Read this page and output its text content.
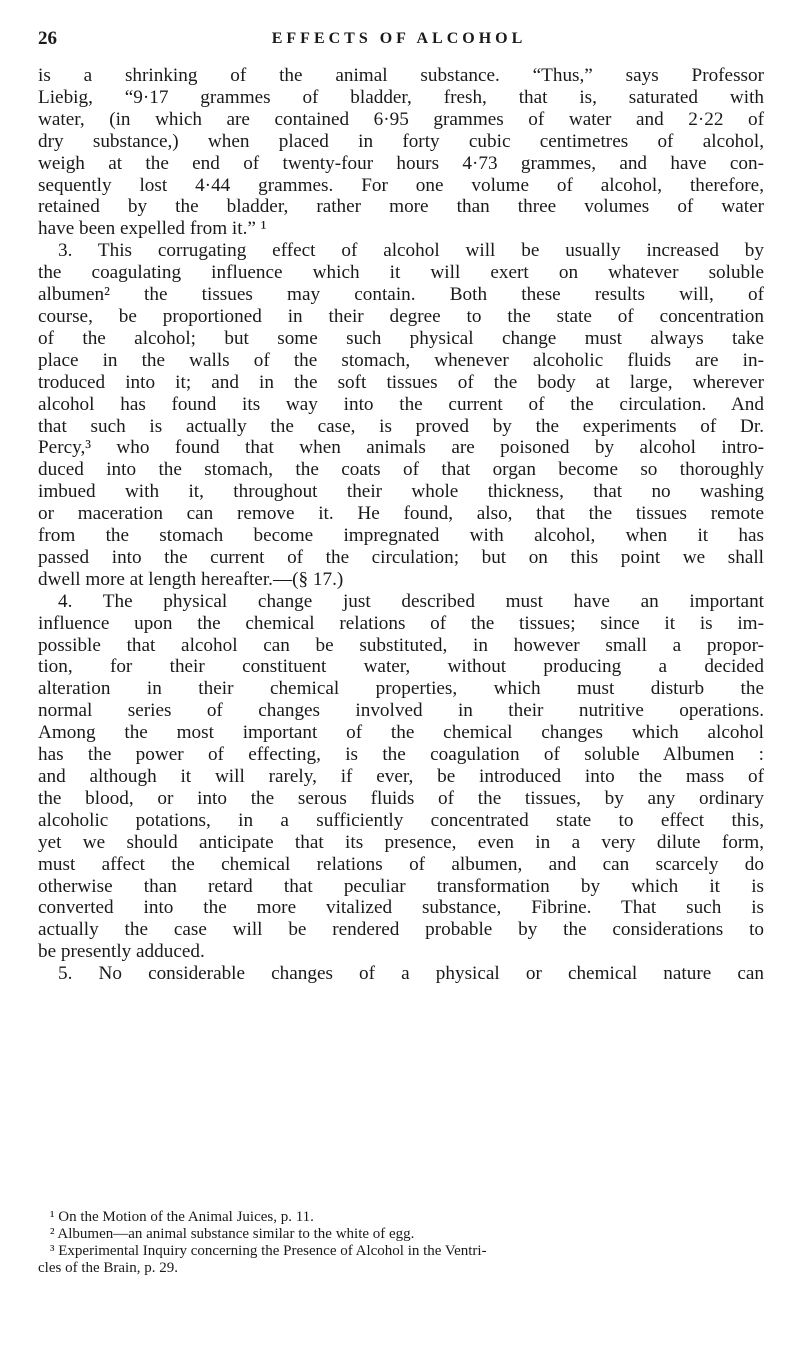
26	EFFECTS OF ALCOHOL
is a shrinking of the animal substance. “Thus,” says Professor
Liebig, “9·17 grammes of bladder, fresh, that is, saturated with
water, (in which are contained 6·95 grammes of water and 2·22 of
dry substance,) when placed in forty cubic centimetres of alcohol,
weigh at the end of twenty-four hours 4·73 grammes, and have con-
sequently lost 4·44 grammes. For one volume of alcohol, therefore,
retained by the bladder, rather more than three volumes of water
have been expelled from it.” ¹
3. This corrugating effect of alcohol will be usually increased by
the coagulating influence which it will exert on whatever soluble
albumen² the tissues may contain. Both these results will, of
course, be proportioned in their degree to the state of concentration
of the alcohol; but some such physical change must always take
place in the walls of the stomach, whenever alcoholic fluids are in-
troduced into it; and in the soft tissues of the body at large, wherever
alcohol has found its way into the current of the circulation. And
that such is actually the case, is proved by the experiments of Dr.
Percy,³ who found that when animals are poisoned by alcohol intro-
duced into the stomach, the coats of that organ become so thoroughly
imbued with it, throughout their whole thickness, that no washing
or maceration can remove it. He found, also, that the tissues remote
from the stomach become impregnated with alcohol, when it has
passed into the current of the circulation; but on this point we shall
dwell more at length hereafter.—(§ 17.)
4. The physical change just described must have an important
influence upon the chemical relations of the tissues; since it is im-
possible that alcohol can be substituted, in however small a propor-
tion, for their constituent water, without producing a decided
alteration in their chemical properties, which must disturb the
normal series of changes involved in their nutritive operations.
Among the most important of the chemical changes which alcohol
has the power of effecting, is the coagulation of soluble Albumen :
and although it will rarely, if ever, be introduced into the mass of
the blood, or into the serous fluids of the tissues, by any ordinary
alcoholic potations, in a sufficiently concentrated state to effect this,
yet we should anticipate that its presence, even in a very dilute form,
must affect the chemical relations of albumen, and can scarcely do
otherwise than retard that peculiar transformation by which it is
converted into the more vitalized substance, Fibrine. That such is
actually the case will be rendered probable by the considerations to
be presently adduced.
5. No considerable changes of a physical or chemical nature can
¹ On the Motion of the Animal Juices, p. 11.
² Albumen—an animal substance similar to the white of egg.
³ Experimental Inquiry concerning the Presence of Alcohol in the Ventri-
cles of the Brain, p. 29.
